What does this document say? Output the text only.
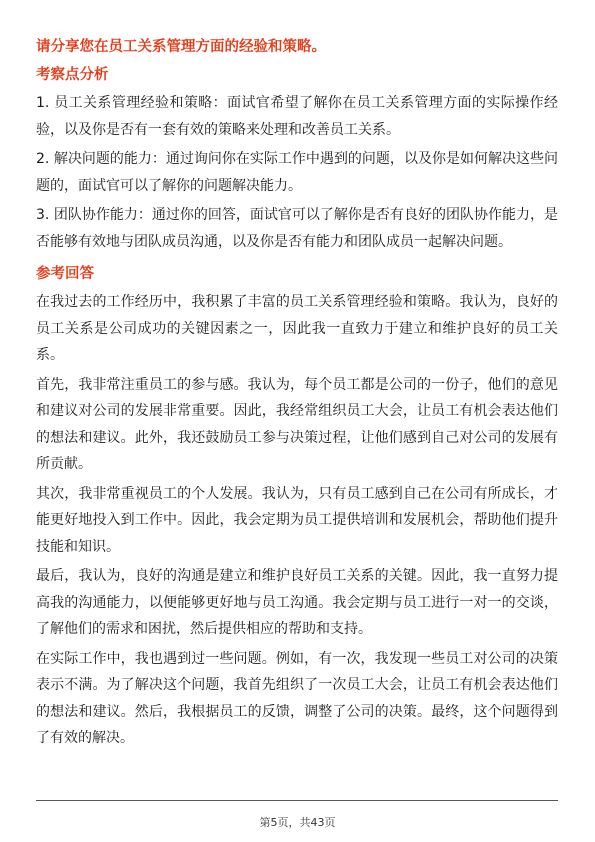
请分享您在员工关系管理方面的经验和策略。
考察点分析

1. 员工关系管理经验和策略：面试官希望了解你在员工关系管理方面的实际操作经验，以及你是否有一套有效的策略来处理和改善员工关系。

2. 解决问题的能力：通过询问你在实际工作中遇到的问题，以及你是如何解决这些问题的，面试官可以了解你的问题解决能力。

3. 团队协作能力：通过你的回答，面试官可以了解你是否有良好的团队协作能力，是否能够有效地与团队成员沟通，以及你是否有能力和团队成员一起解决问题。

参考回答

在我过去的工作经历中，我积累了丰富的员工关系管理经验和策略。我认为，良好的员工关系是公司成功的关键因素之一，因此我一直致力于建立和维护良好的员工关系。

首先，我非常注重员工的参与感。我认为，每个员工都是公司的一份子，他们的意见和建议对公司的发展非常重要。因此，我经常组织员工大会，让员工有机会表达他们的想法和建议。此外，我还鼓励员工参与决策过程，让他们感到自己对公司的发展有所贡献。

其次，我非常重视员工的个人发展。我认为，只有员工感到自己在公司有所成长，才能更好地投入到工作中。因此，我会定期为员工提供培训和发展机会，帮助他们提升技能和知识。

最后，我认为，良好的沟通是建立和维护良好员工关系的关键。因此，我一直努力提高我的沟通能力，以便能够更好地与员工沟通。我会定期与员工进行一对一的交谈，了解他们的需求和困扰，然后提供相应的帮助和支持。

在实际工作中，我也遇到过一些问题。例如，有一次，我发现一些员工对公司的决策表示不满。为了解决这个问题，我首先组织了一次员工大会，让员工有机会表达他们的想法和建议。然后，我根据员工的反馈，调整了公司的决策。最终，这个问题得到了有效的解决。

第5页，共43页
